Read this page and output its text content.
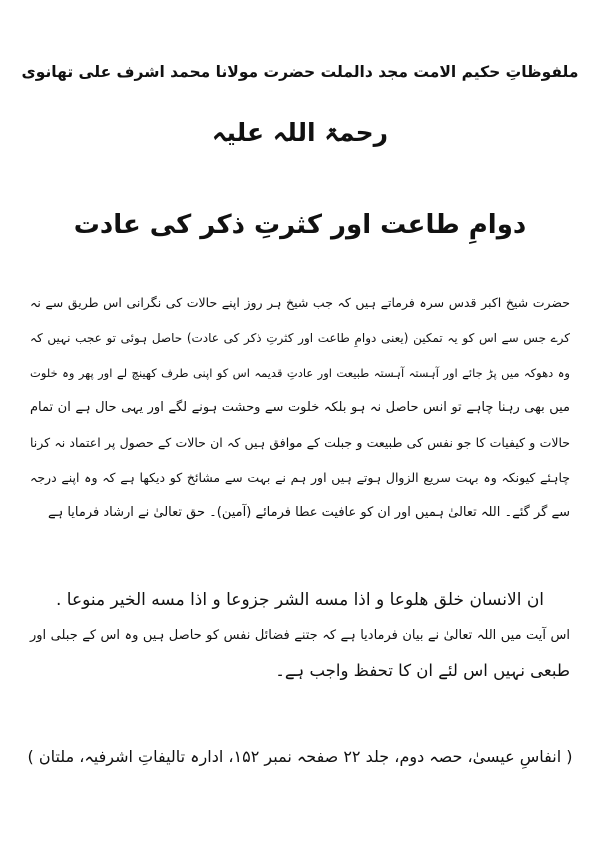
ملفوظاتِ حکیم الامت مجد دالملت حضرت مولانا محمد اشرف علی تھانوی
رحمۃ اللہ علیہ
دوامِ طاعت اور کثرتِ ذکر کی عادت
حضرت شیخ اکبر قدس سرہ فرماتے ہیں کہ جب شیخ ہر روز اپنے حالات کی نگرانی اس طریق سے نہ
کرے جس سے اس کو یہ تمکین (یعنی دوامِ طاعت اور کثرتِ ذکر کی عادت) حاصل ہوئی تو عجب نہیں کہ
وہ دھوکہ میں پڑ جائے اور آہستہ آہستہ طبیعت اور عادتِ قدیمہ اس کو اپنی طرف کھینچ لے اور پھر وہ خلوت
میں بھی رہنا چاہے تو انس حاصل نہ ہو بلکہ خلوت سے وحشت ہونے لگے اور یہی حال ہے ان تمام
حالات و کیفیات کا جو نفس کی طبیعت و جبلت کے موافق ہیں کہ ان حالات کے حصول پر اعتماد نہ کرنا
چاہئے کیونکہ وہ بہت سریع الزوال ہوتے ہیں اور ہم نے بہت سے مشائخ کو دیکھا ہے کہ وہ اپنے درجہ
سے گر گئے۔ اللہ تعالیٰ ہمیں اور ان کو عافیت عطا فرمائے (آمین)۔ حق تعالیٰ نے ارشاد فرمایا ہے
ان الانسان خلق هلوعا و اذا مسه الشر جزوعا و اذا مسه الخير منوعا .
اس آیت میں اللہ تعالیٰ نے بیان فرمادیا ہے کہ جتنے فضائل نفس کو حاصل ہیں وہ اس کے جبلی اور
طبعی نہیں اس لئے ان کا تحفظ واجب ہے۔
( انفاسِ عیسیٰ، حصہ دوم، جلد ۲۲ صفحہ نمبر ۱۵۲، ادارہ تالیفاتِ اشرفیہ، ملتان )
